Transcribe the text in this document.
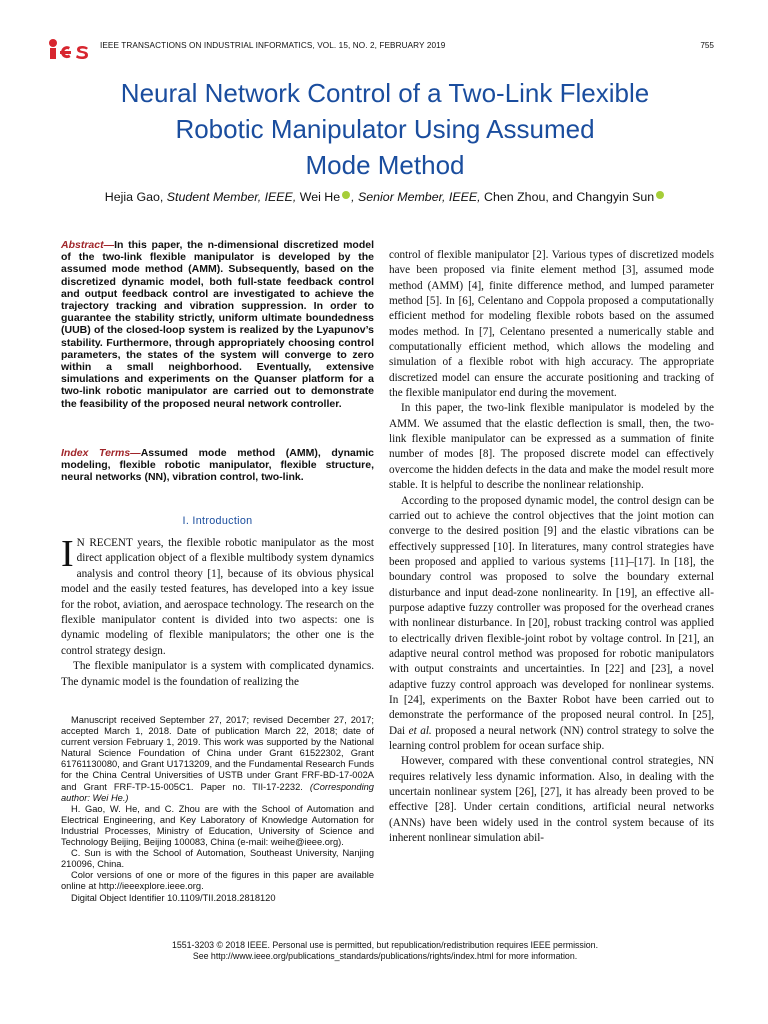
IEEE TRANSACTIONS ON INDUSTRIAL INFORMATICS, VOL. 15, NO. 2, FEBRUARY 2019	755
Neural Network Control of a Two-Link Flexible
Robotic Manipulator Using Assumed
Mode Method
Hejia Gao, Student Member, IEEE, Wei He , Senior Member, IEEE, Chen Zhou, and Changyin Sun
Abstract—In this paper, the n-dimensional discretized model of the two-link flexible manipulator is developed by the assumed mode method (AMM). Subsequently, based on the discretized dynamic model, both full-state feedback control and output feedback control are investigated to achieve the trajectory tracking and vibration suppression. In order to guarantee the stability strictly, uniform ultimate boundedness (UUB) of the closed-loop system is realized by the Lyapunov’s stability. Furthermore, through appropriately choosing control parameters, the states of the system will converge to zero within a small neighborhood. Eventually, extensive simulations and experiments on the Quanser platform for a two-link robotic manipulator are carried out to demonstrate the feasibility of the proposed neural network controller.
Index Terms—Assumed mode method (AMM), dynamic modeling, flexible robotic manipulator, flexible structure, neural networks (NN), vibration control, two-link.
I. Introduction

I N RECENT years, the flexible robotic manipulator as the most direct application object of a flexible multibody system dynamics analysis and control theory [1], because of its obvious physical model and the easily tested features, has developed into a key issue for the robot, aviation, and aerospace technology. The research on the flexible manipulator content is divided into two aspects: one is dynamic modeling of flexible manipulators; the other one is the control strategy design.

The flexible manipulator is a system with complicated dynamics. The dynamic model is the foundation of realizing the

Manuscript received September 27, 2017; revised December 27, 2017; accepted March 1, 2018. Date of publication March 22, 2018; date of current version February 1, 2019. This work was supported by the National Natural Science Foundation of China under Grant 61522302, Grant 61761130080, and Grant U1713209, and the Fundamental Research Funds for the China Central Universities of USTB under Grant FRF-BD-17-002A and Grant FRF-TP-15-005C1. Paper no. TII-17-2232. (Corresponding author: Wei He.)

H. Gao, W. He, and C. Zhou are with the School of Automation and Electrical Engineering, and Key Laboratory of Knowledge Automation for Industrial Processes, Ministry of Education, University of Science and Technology Beijing, Beijing 100083, China (e-mail: weihe@ieee.org).

C. Sun is with the School of Automation, Southeast University, Nanjing 210096, China.

Color versions of one or more of the figures in this paper are available online at http://ieeexplore.ieee.org.

Digital Object Identifier 10.1109/TII.2018.2818120

control of flexible manipulator [2]. Various types of discretized models have been proposed via finite element method [3], assumed mode method (AMM) [4], finite difference method, and lumped parameter method [5]. In [6], Celentano and Coppola proposed a computationally efficient method for modeling flexible robots based on the assumed modes method. In [7], Celentano presented a numerically stable and computationally efficient method, which allows the modeling and simulation of a flexible robot with high accuracy. The appropriate discretized model can ensure the accurate positioning and tracking of the flexible manipulator end during the movement.

In this paper, the two-link flexible manipulator is modeled by the AMM. We assumed that the elastic deflection is small, then, the two-link flexible manipulator can be expressed as a summation of finite number of modes [8]. The proposed discrete model can effectively overcome the hidden defects in the data and make the model result more stable. It is helpful to describe the nonlinear relationship.

According to the proposed dynamic model, the control design can be carried out to achieve the control objectives that the joint motion can converge to the desired position [9] and the elastic vibrations can be effectively suppressed [10]. In literatures, many control strategies have been proposed and applied to various systems [11]–[17]. In [18], the boundary control was proposed to solve the boundary external disturbance and input dead-zone nonlinearity. In [19], an effective all-purpose adaptive fuzzy controller was proposed for the overhead cranes with nonlinear disturbance. In [20], robust tracking control was applied to electrically driven flexible-joint robot by voltage control. In [21], an adaptive neural control method was proposed for robotic manipulators with output constraints and uncertainties. In [22] and [23], a novel adaptive fuzzy control approach was developed for nonlinear systems. In [24], experiments on the Baxter Robot have been carried out to demonstrate the performance of the proposed neural control. In [25], Dai et al. proposed a neural network (NN) control strategy to solve the learning control problem for ocean surface ship.

However, compared with these conventional control strategies, NN requires relatively less dynamic information. Also, in dealing with the uncertain nonlinear system [26], [27], it has already been proved to be effective [28]. Under certain conditions, artificial neural networks (ANNs) have been widely used in the control system because of its inherent nonlinear simulation abil-

1551-3203 © 2018 IEEE. Personal use is permitted, but republication/redistribution requires IEEE permission.
See http://www.ieee.org/publications_standards/publications/rights/index.html for more information.
